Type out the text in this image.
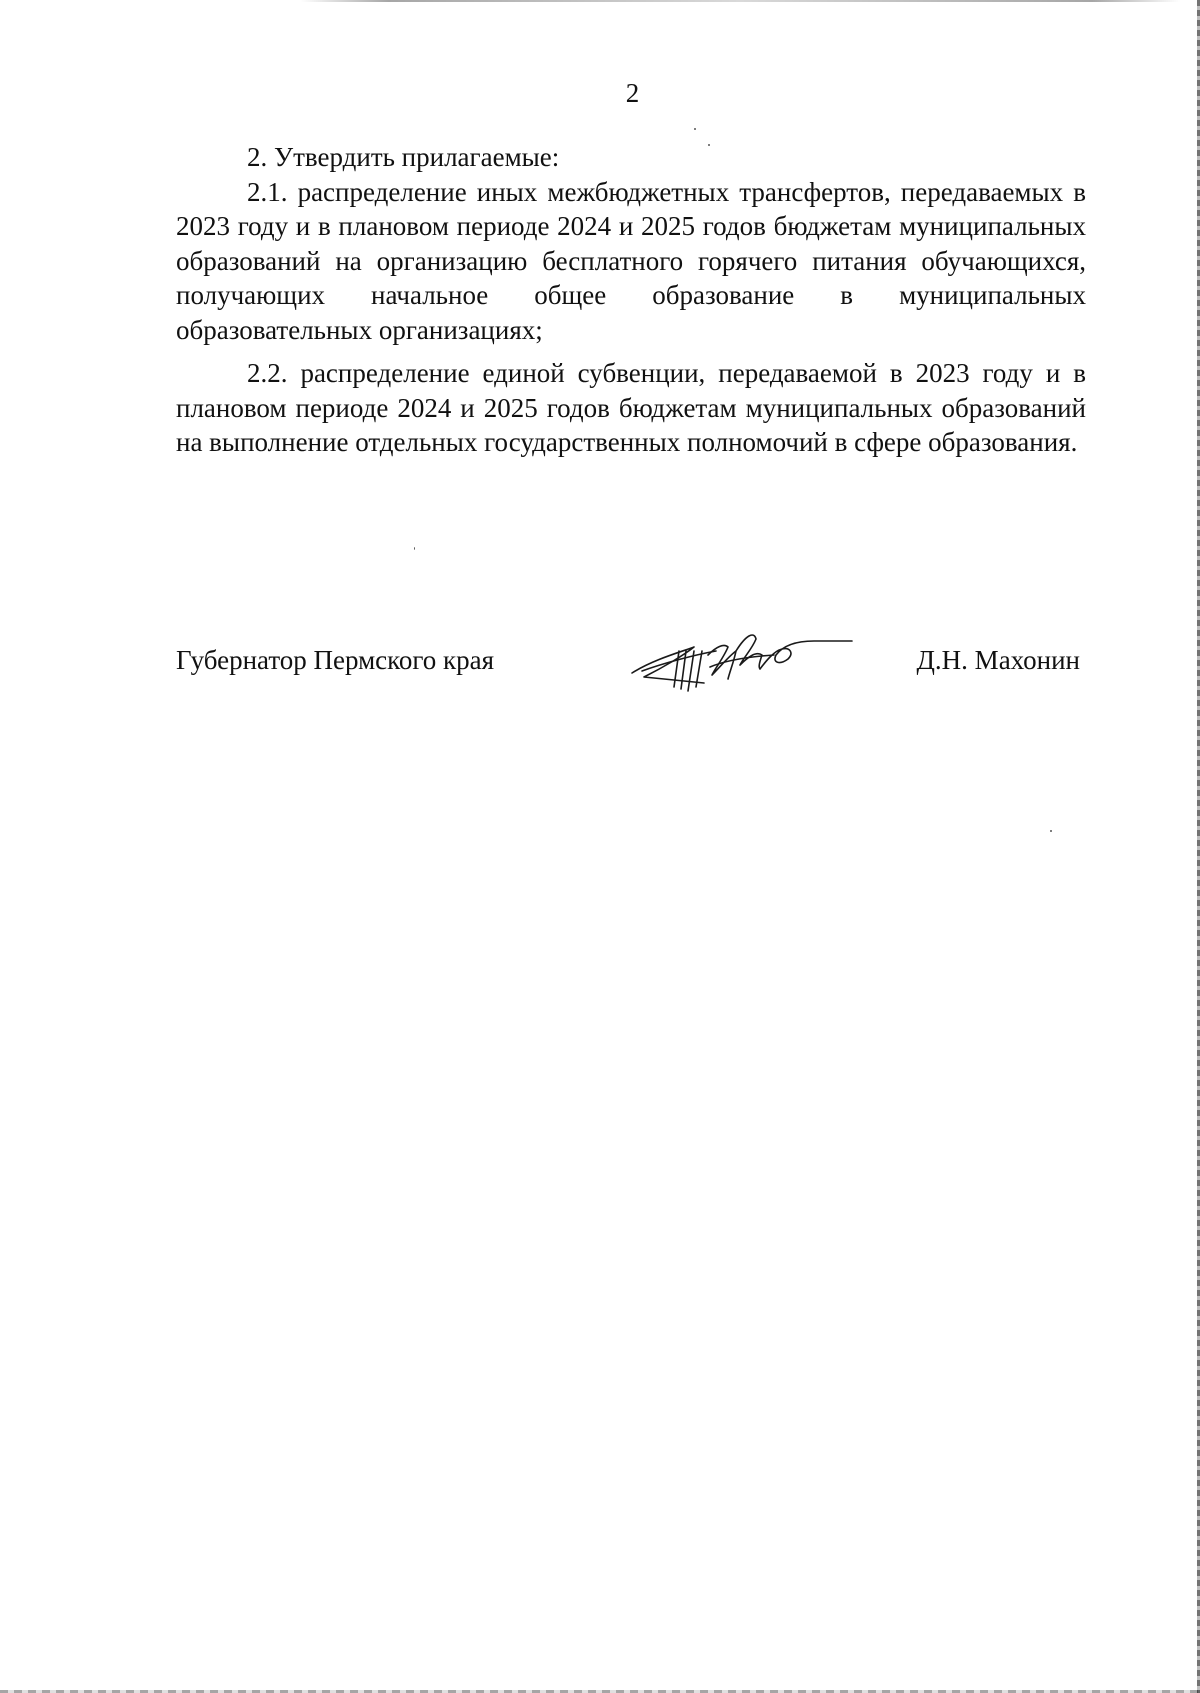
2

2. Утвердить прилагаемые:

2.1. распределение иных межбюджетных трансфертов, передаваемых в 2023 году и в плановом периоде 2024 и 2025 годов бюджетам муниципальных образований на организацию бесплатного горячего питания обучающихся, получающих начальное общее образование в муниципальных образовательных организациях;

2.2. распределение единой субвенции, передаваемой в 2023 году и в плановом периоде 2024 и 2025 годов бюджетам муниципальных образований на выполнение отдельных государственных полномочий в сфере образования.

Губернатор Пермского края	Д.Н. Махонин
